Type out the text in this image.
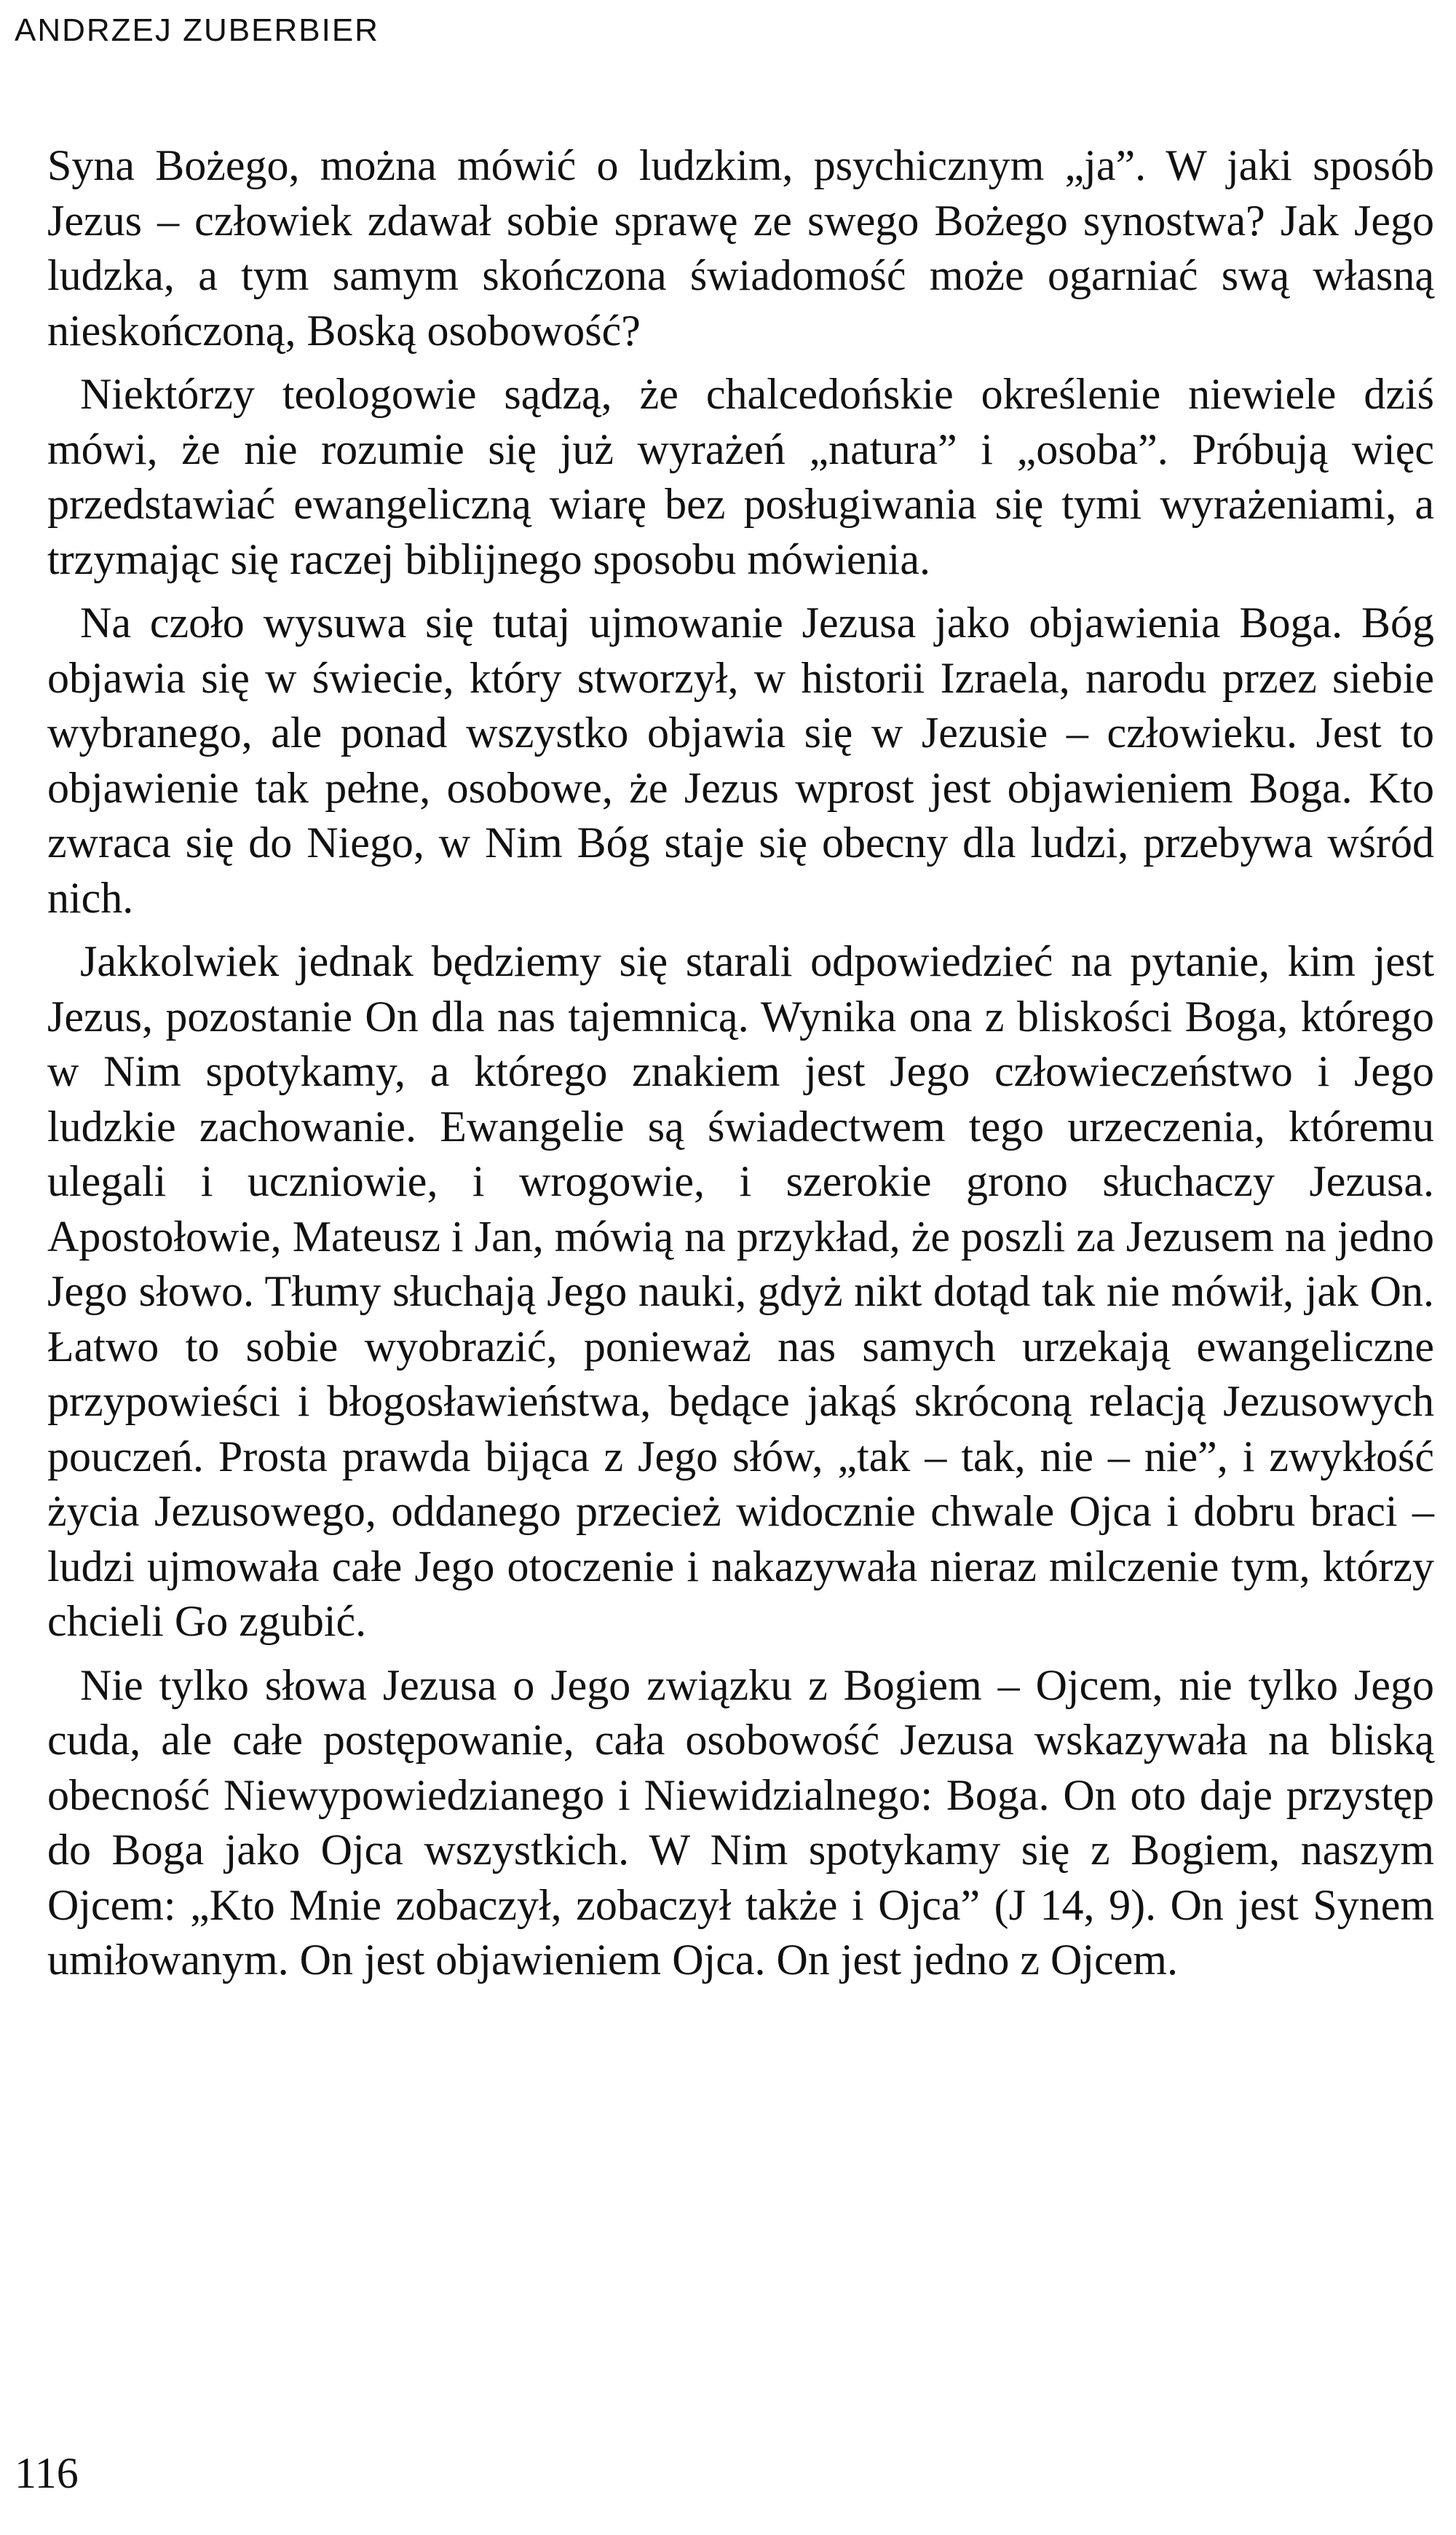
ANDRZEJ ZUBERBIER

Syna Bożego, można mówić o ludzkim, psychicznym „ja”. W jaki sposób Jezus – człowiek zdawał sobie sprawę ze swego Bożego synostwa? Jak Jego ludzka, a tym samym skończona świadomość może ogarniać swą własną nieskończoną, Boską osobowość?

Niektórzy teologowie sądzą, że chalcedońskie określenie niewiele dziś mówi, że nie rozumie się już wyrażeń „natura” i „osoba”. Próbują więc przedstawiać ewangeliczną wiarę bez posługiwania się tymi wyrażeniami, a trzymając się raczej biblijnego sposobu mówienia.

Na czoło wysuwa się tutaj ujmowanie Jezusa jako objawienia Boga. Bóg objawia się w świecie, który stworzył, w historii Izraela, narodu przez siebie wybranego, ale ponad wszystko objawia się w Jezusie – człowieku. Jest to objawienie tak pełne, osobowe, że Jezus wprost jest objawieniem Boga. Kto zwraca się do Niego, w Nim Bóg staje się obecny dla ludzi, przebywa wśród nich.

Jakkolwiek jednak będziemy się starali odpowiedzieć na pytanie, kim jest Jezus, pozostanie On dla nas tajemnicą. Wynika ona z bliskości Boga, którego w Nim spotykamy, a którego znakiem jest Jego człowieczeństwo i Jego ludzkie zachowanie. Ewangelie są świadectwem tego urzeczenia, któremu ulegali i uczniowie, i wrogowie, i szerokie grono słuchaczy Jezusa. Apostołowie, Mateusz i Jan, mówią na przykład, że poszli za Jezusem na jedno Jego słowo. Tłumy słuchają Jego nauki, gdyż nikt dotąd tak nie mówił, jak On. Łatwo to sobie wyobrazić, ponieważ nas samych urzekają ewangeliczne przypowieści i błogosławieństwa, będące jakąś skróconą relacją Jezusowych pouczeń. Prosta prawda bijąca z Jego słów, „tak – tak, nie – nie”, i zwykłość życia Jezusowego, oddanego przecież widocznie chwale Ojca i dobru braci – ludzi ujmowała całe Jego otoczenie i nakazywała nieraz milczenie tym, którzy chcieli Go zgubić.

Nie tylko słowa Jezusa o Jego związku z Bogiem – Ojcem, nie tylko Jego cuda, ale całe postępowanie, cała osobowość Jezusa wskazywała na bliską obecność Niewypowiedzianego i Niewidzialnego: Boga. On oto daje przystęp do Boga jako Ojca wszystkich. W Nim spotykamy się z Bogiem, naszym Ojcem: „Kto Mnie zobaczył, zobaczył także i Ojca” (J 14, 9). On jest Synem umiłowanym. On jest objawieniem Ojca. On jest jedno z Ojcem.

116
